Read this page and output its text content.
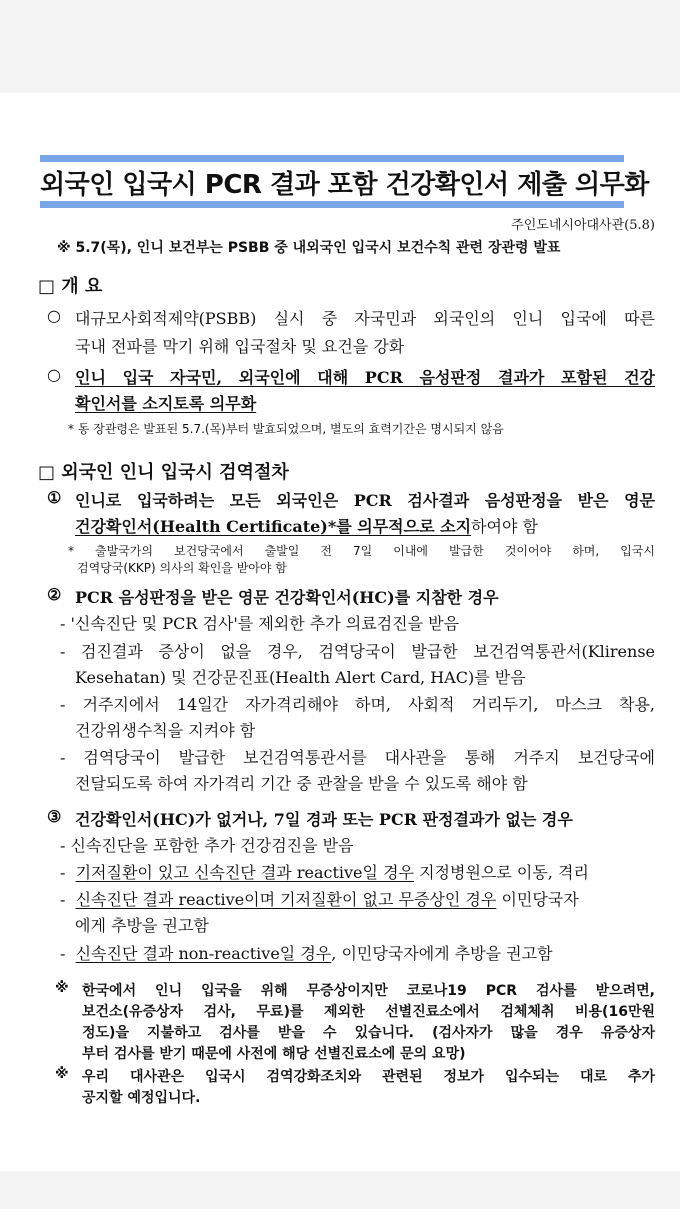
외국인 입국시 PCR 결과 포함 건강확인서 제출 의무화
주인도네시아대사관(5.8)
※ 5.7(목), 인니 보건부는 PSBB 중 내외국인 입국시 보건수칙 관련 장관령 발표
□ 개 요
○ 대규모사회적제약(PSBB) 실시 중 자국민과 외국인의 인니 입국에 따른
국내 전파를 막기 위해 입국절차 및 요건을 강화
○ 인니 입국 자국민, 외국인에 대해 PCR 음성판정 결과가 포함된 건강
확인서를 소지토록 의무화
* 동 장관령은 발표된 5.7.(목)부터 발효되었으며, 별도의 효력기간은 명시되지 않음
□ 외국인 인니 입국시 검역절차
① 인니로 입국하려는 모든 외국인은 PCR 검사결과 음성판정을 받은 영문
건강확인서(Health Certificate)*를 의무적으로 소지하여야 함
* 출발국가의 보건당국에서 출발일 전 7일 이내에 발급한 것이어야 하며, 입국시
검역당국(KKP) 의사의 확인을 받아야 함
② PCR 음성판정을 받은 영문 건강확인서(HC)를 지참한 경우
- '신속진단 및 PCR 검사'를 제외한 추가 의료검진을 받음
- 검진결과 증상이 없을 경우, 검역당국이 발급한 보건검역통관서(Klirense
Kesehatan) 및 건강문진표(Health Alert Card, HAC)를 받음
- 거주지에서 14일간 자가격리해야 하며, 사회적 거리두기, 마스크 착용,
건강위생수칙을 지켜야 함
- 검역당국이 발급한 보건검역통관서를 대사관을 통해 거주지 보건당국에
전달되도록 하여 자가격리 기간 중 관찰을 받을 수 있도록 해야 함
③ 건강확인서(HC)가 없거나, 7일 경과 또는 PCR 판정결과가 없는 경우
- 신속진단을 포함한 추가 건강검진을 받음
- 기저질환이 있고 신속진단 결과 reactive일 경우 지정병원으로 이동, 격리
- 신속진단 결과 reactive이며 기저질환이 없고 무증상인 경우 이민당국자
에게 추방을 권고함
- 신속진단 결과 non-reactive일 경우, 이민당국자에게 추방을 권고함
※ 한국에서 인니 입국을 위해 무증상이지만 코로나19 PCR 검사를 받으려면,
보건소(유증상자 검사, 무료)를 제외한 선별진료소에서 검체체취 비용(16만원
정도)을 지불하고 검사를 받을 수 있습니다. (검사자가 많을 경우 유증상자
부터 검사를 받기 때문에 사전에 해당 선별진료소에 문의 요망)
※ 우리 대사관은 입국시 검역강화조치와 관련된 정보가 입수되는 대로 추가
공지할 예정입니다.
